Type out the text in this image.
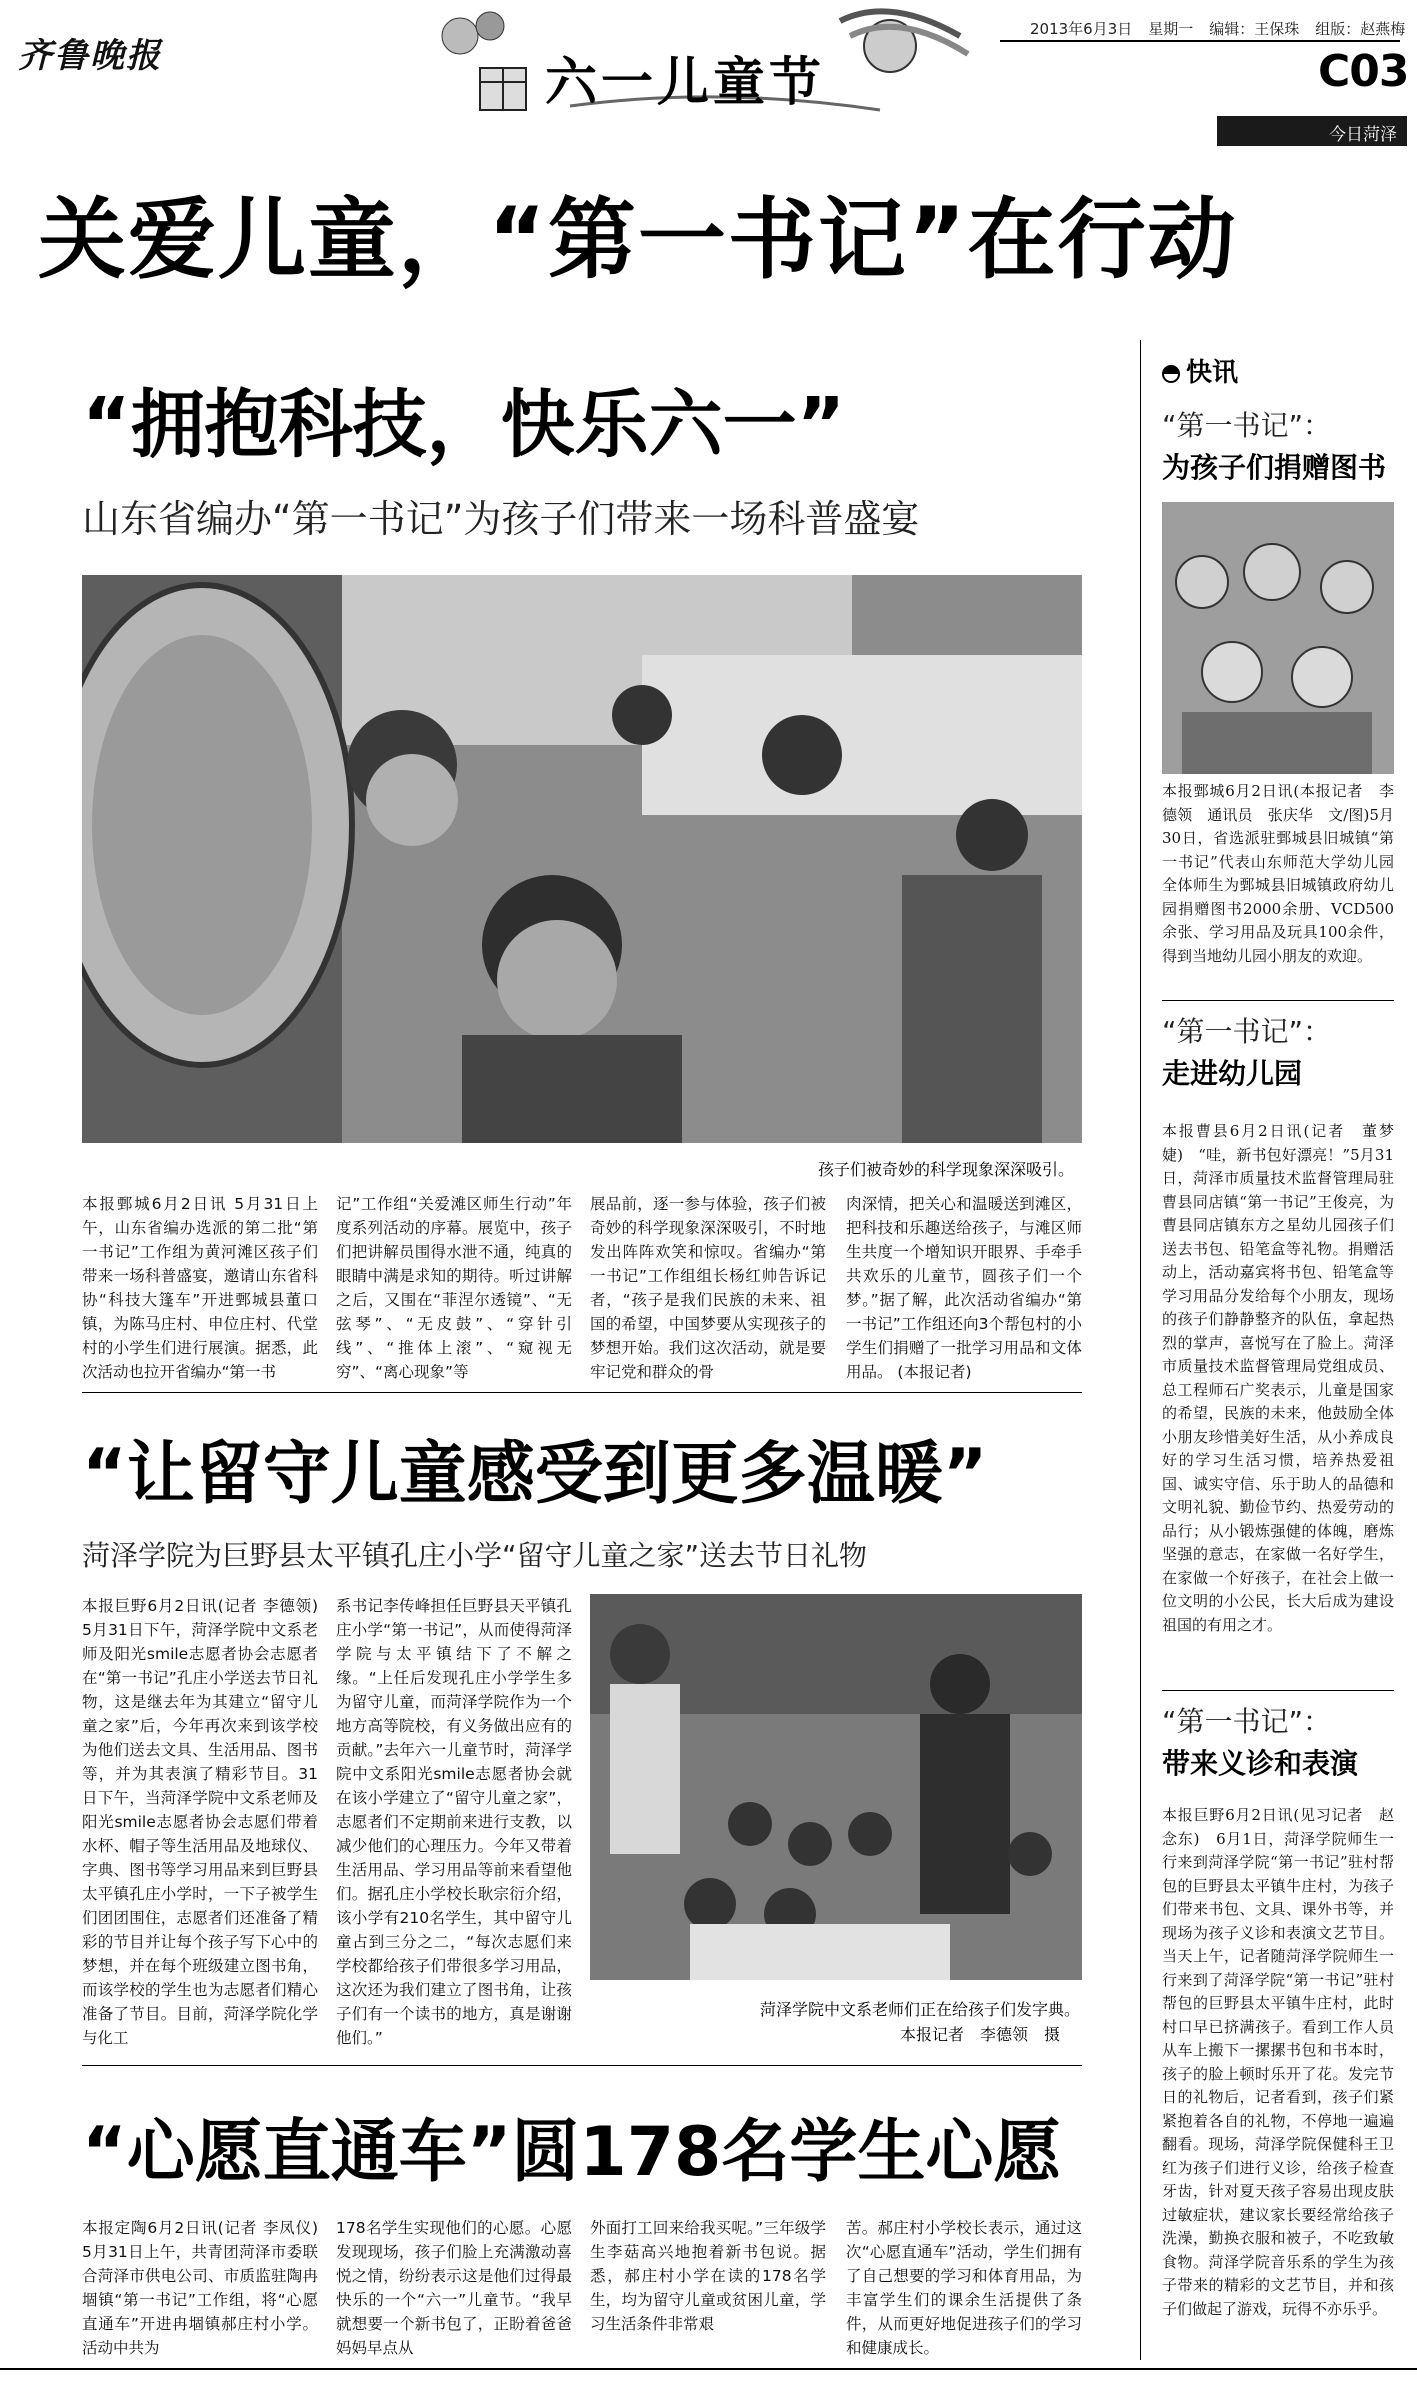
齐鲁晚报	六一儿童节
2013年6月3日 星期一 编辑：王保珠 组版：赵燕梅
C03
今日菏泽
关爱儿童，“第一书记”在行动
“拥抱科技，快乐六一”
山东省编办“第一书记”为孩子们带来一场科普盛宴
孩子们被奇妙的科学现象深深吸引。
本报鄄城6月2日讯 5月31日上午，山东省编办选派的第二批“第一书记”工作组为黄河滩区孩子们带来一场科普盛宴，邀请山东省科协“科技大篷车”开进鄄城县董口镇，为陈马庄村、申位庄村、代堂村的小学生们进行展演。据悉，此次活动也拉开省编办“第一书
记”工作组“关爱滩区师生行动”年度系列活动的序幕。展览中，孩子们把讲解员围得水泄不通，纯真的眼睛中满是求知的期待。听过讲解之后，又围在“菲涅尔透镜”、“无弦琴”、“无皮鼓”、“穿针引线”、“推体上滚”、“窥视无穷”、“离心现象”等
展品前，逐一参与体验，孩子们被奇妙的科学现象深深吸引，不时地发出阵阵欢笑和惊叹。省编办“第一书记”工作组组长杨红帅告诉记者，“孩子是我们民族的未来、祖国的希望，中国梦要从实现孩子的梦想开始。我们这次活动，就是要牢记党和群众的骨
肉深情，把关心和温暖送到滩区，把科技和乐趣送给孩子，与滩区师生共度一个增知识开眼界、手牵手共欢乐的儿童节，圆孩子们一个梦。”据了解，此次活动省编办“第一书记”工作组还向3个帮包村的小学生们捐赠了一批学习用品和文体用品。 (本报记者)
“让留守儿童感受到更多温暖”
菏泽学院为巨野县太平镇孔庄小学“留守儿童之家”送去节日礼物
本报巨野6月2日讯(记者 李德领) 5月31日下午，菏泽学院中文系老师及阳光smile志愿者协会志愿者在“第一书记”孔庄小学送去节日礼物，这是继去年为其建立“留守儿童之家”后，今年再次来到该学校为他们送去文具、生活用品、图书等，并为其表演了精彩节目。31日下午，当菏泽学院中文系老师及阳光smile志愿者协会志愿们带着水杯、帽子等生活用品及地球仪、字典、图书等学习用品来到巨野县太平镇孔庄小学时，一下子被学生们团团围住，志愿者们还准备了精彩的节目并让每个孩子写下心中的梦想，并在每个班级建立图书角，而该学校的学生也为志愿者们精心准备了节目。目前，菏泽学院化学与化工
系书记李传峰担任巨野县天平镇孔庄小学“第一书记”，从而使得菏泽学院与太平镇结下了不解之缘。“上任后发现孔庄小学学生多为留守儿童，而菏泽学院作为一个地方高等院校，有义务做出应有的贡献。”去年六一儿童节时，菏泽学院中文系阳光smile志愿者协会就在该小学建立了“留守儿童之家”，志愿者们不定期前来进行支教，以减少他们的心理压力。今年又带着生活用品、学习用品等前来看望他们。据孔庄小学校长耿宗衍介绍，该小学有210名学生，其中留守儿童占到三分之二，“每次志愿们来学校都给孩子们带很多学习用品，这次还为我们建立了图书角，让孩子们有一个读书的地方，真是谢谢他们。”
菏泽学院中文系老师们正在给孩子们发字典。
本报记者　李德领　摄
“心愿直通车”圆178名学生心愿
本报定陶6月2日讯(记者 李凤仪) 5月31日上午，共青团菏泽市委联合菏泽市供电公司、市质监驻陶冉堌镇“第一书记”工作组，将“心愿直通车”开进冉堌镇郝庄村小学。活动中共为
178名学生实现他们的心愿。心愿发现现场，孩子们脸上充满激动喜悦之情，纷纷表示这是他们过得最快乐的一个“六一”儿童节。“我早就想要一个新书包了，正盼着爸爸妈妈早点从
外面打工回来给我买呢。”三年级学生李菇高兴地抱着新书包说。据悉，郝庄村小学在读的178名学生，均为留守儿童或贫困儿童，学习生活条件非常艰
苦。郝庄村小学校长表示，通过这次“心愿直通车”活动，学生们拥有了自己想要的学习和体育用品，为丰富学生们的课余生活提供了条件，从而更好地促进孩子们的学习和健康成长。
快讯
“第一书记”：
为孩子们捐赠图书
本报鄄城6月2日讯(本报记者　李德领　通讯员　张庆华　文/图)5月30日，省选派驻鄄城县旧城镇“第一书记”代表山东师范大学幼儿园全体师生为鄄城县旧城镇政府幼儿园捐赠图书2000余册、VCD500余张、学习用品及玩具100余件，得到当地幼儿园小朋友的欢迎。
“第一书记”：
走进幼儿园
本报曹县6月2日讯(记者　董梦婕)　“哇，新书包好漂亮！”5月31日，菏泽市质量技术监督管理局驻曹县同店镇“第一书记”王俊亮，为曹县同店镇东方之星幼儿园孩子们送去书包、铅笔盒等礼物。捐赠活动上，活动嘉宾将书包、铅笔盒等学习用品分发给每个小朋友，现场的孩子们静静整齐的队伍，拿起热烈的掌声，喜悦写在了脸上。菏泽市质量技术监督管理局党组成员、总工程师石广奖表示，儿童是国家的希望，民族的未来，他鼓励全体小朋友珍惜美好生活，从小养成良好的学习生活习惯，培养热爱祖国、诚实守信、乐于助人的品德和文明礼貌、勤俭节约、热爱劳动的品行；从小锻炼强健的体魄，磨炼坚强的意志，在家做一名好学生，在家做一个好孩子，在社会上做一位文明的小公民，长大后成为建设祖国的有用之才。
“第一书记”：
带来义诊和表演
本报巨野6月2日讯(见习记者　赵念东)　6月1日，菏泽学院师生一行来到菏泽学院“第一书记”驻村帮包的巨野县太平镇牛庄村，为孩子们带来书包、文具、课外书等，并现场为孩子义诊和表演文艺节目。当天上午，记者随菏泽学院师生一行来到了菏泽学院“第一书记”驻村帮包的巨野县太平镇牛庄村，此时村口早已挤满孩子。看到工作人员从车上搬下一摞摞书包和书本时，孩子的脸上顿时乐开了花。发完节日的礼物后，记者看到，孩子们紧紧抱着各自的礼物，不停地一遍遍翻看。现场，菏泽学院保健科王卫红为孩子们进行义诊，给孩子检查牙齿，针对夏天孩子容易出现皮肤过敏症状，建议家长要经常给孩子洗澡，勤换衣服和被子，不吃致敏食物。菏泽学院音乐系的学生为孩子带来的精彩的文艺节目，并和孩子们做起了游戏，玩得不亦乐乎。
